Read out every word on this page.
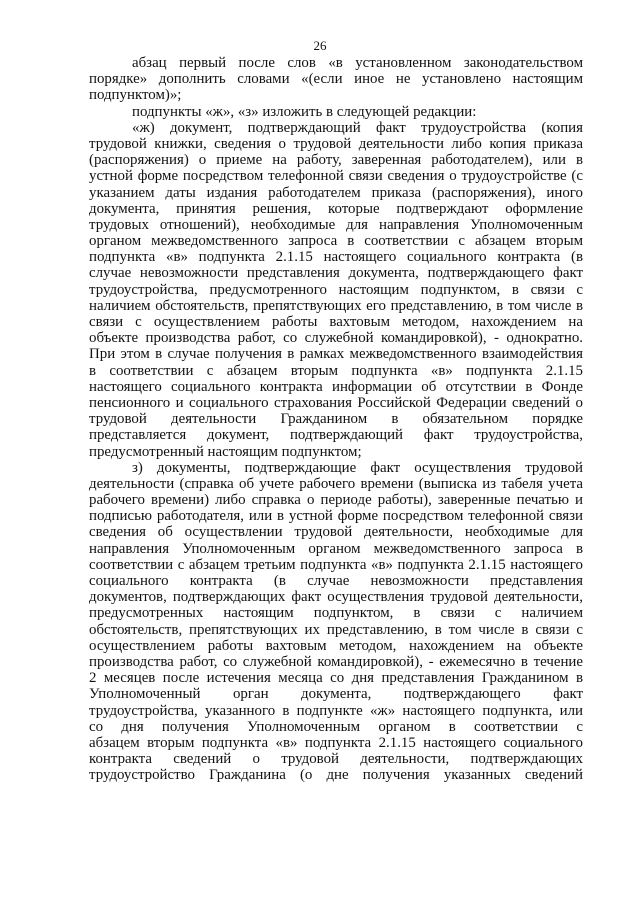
26
абзац первый после слов «в установленном законодательством
порядке» дополнить словами «(если иное не установлено настоящим
подпунктом)»;
подпункты «ж», «з» изложить в следующей редакции:
«ж) документ, подтверждающий факт трудоустройства (копия
трудовой книжки, сведения о трудовой деятельности либо копия приказа
(распоряжения) о приеме на работу, заверенная работодателем), или в
устной форме посредством телефонной связи сведения о трудоустройстве (с
указанием даты издания работодателем приказа (распоряжения), иного
документа, принятия решения, которые подтверждают оформление
трудовых отношений), необходимые для направления Уполномоченным
органом межведомственного запроса в соответствии с абзацем вторым
подпункта «в» подпункта 2.1.15 настоящего социального контракта (в
случае невозможности представления документа, подтверждающего факт
трудоустройства, предусмотренного настоящим подпунктом, в связи с
наличием обстоятельств, препятствующих его представлению, в том числе в
связи с осуществлением работы вахтовым методом, нахождением на
объекте производства работ, со служебной командировкой), - однократно.
При этом в случае получения в рамках межведомственного взаимодействия
в соответствии с абзацем вторым подпункта «в» подпункта 2.1.15
настоящего социального контракта информации об отсутствии в Фонде
пенсионного и социального страхования Российской Федерации сведений о
трудовой деятельности Гражданином в обязательном порядке
представляется документ, подтверждающий факт трудоустройства,
предусмотренный настоящим подпунктом;
з) документы, подтверждающие факт осуществления трудовой
деятельности (справка об учете рабочего времени (выписка из табеля учета
рабочего времени) либо справка о периоде работы), заверенные печатью и
подписью работодателя, или в устной форме посредством телефонной связи
сведения об осуществлении трудовой деятельности, необходимые для
направления Уполномоченным органом межведомственного запроса в
соответствии с абзацем третьим подпункта «в» подпункта 2.1.15 настоящего
социального контракта (в случае невозможности представления
документов, подтверждающих факт осуществления трудовой деятельности,
предусмотренных настоящим подпунктом, в связи с наличием
обстоятельств, препятствующих их представлению, в том числе в связи с
осуществлением работы вахтовым методом, нахождением на объекте
производства работ, со служебной командировкой), - ежемесячно в течение
2 месяцев после истечения месяца со дня представления Гражданином в
Уполномоченный орган документа, подтверждающего факт
трудоустройства, указанного в подпункте «ж» настоящего подпункта, или
со дня получения Уполномоченным органом в соответствии с
абзацем вторым подпункта «в» подпункта 2.1.15 настоящего социального
контракта сведений о трудовой деятельности, подтверждающих
трудоустройство Гражданина (о дне получения указанных сведений
